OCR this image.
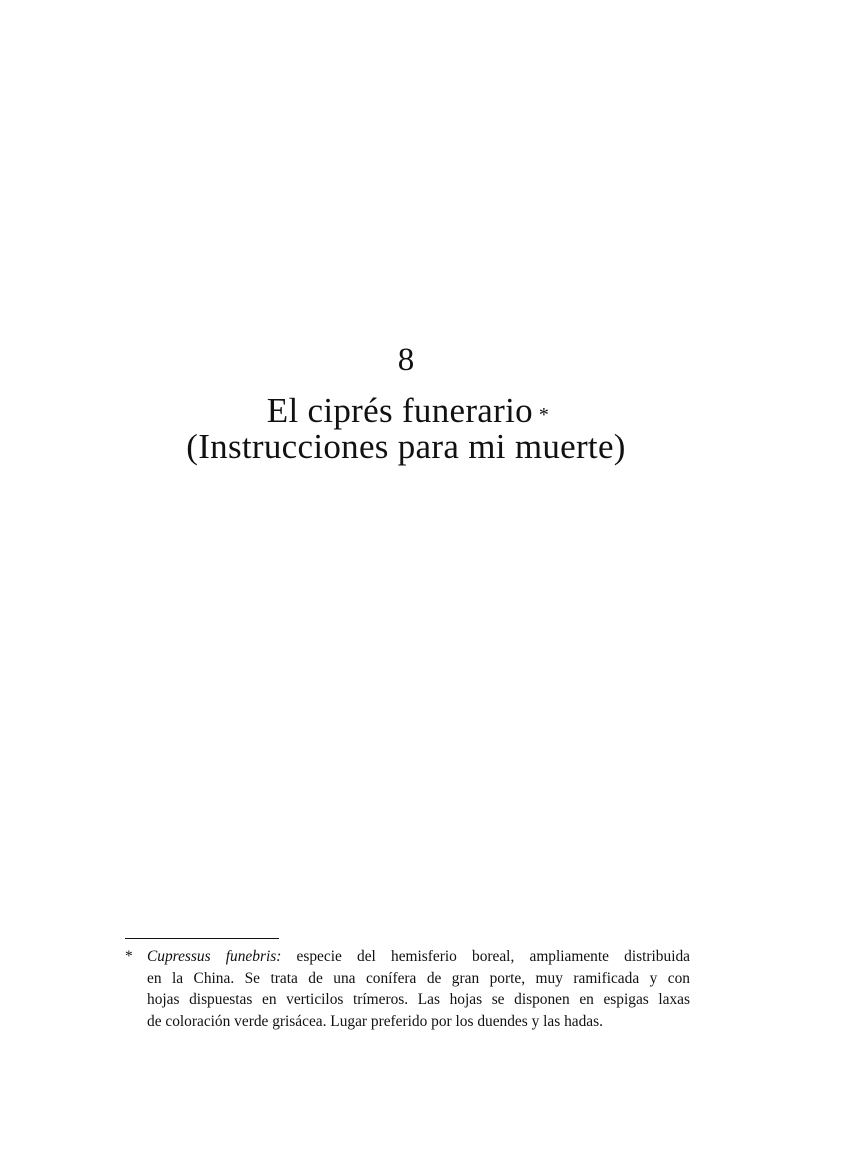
8
El ciprés funerario *
(Instrucciones para mi muerte)
* Cupressus funebris: especie del hemisferio boreal, ampliamente distribuida
en la China. Se trata de una conífera de gran porte, muy ramificada y con
hojas dispuestas en verticilos trímeros. Las hojas se disponen en espigas laxas
de coloración verde grisácea. Lugar preferido por los duendes y las hadas.
